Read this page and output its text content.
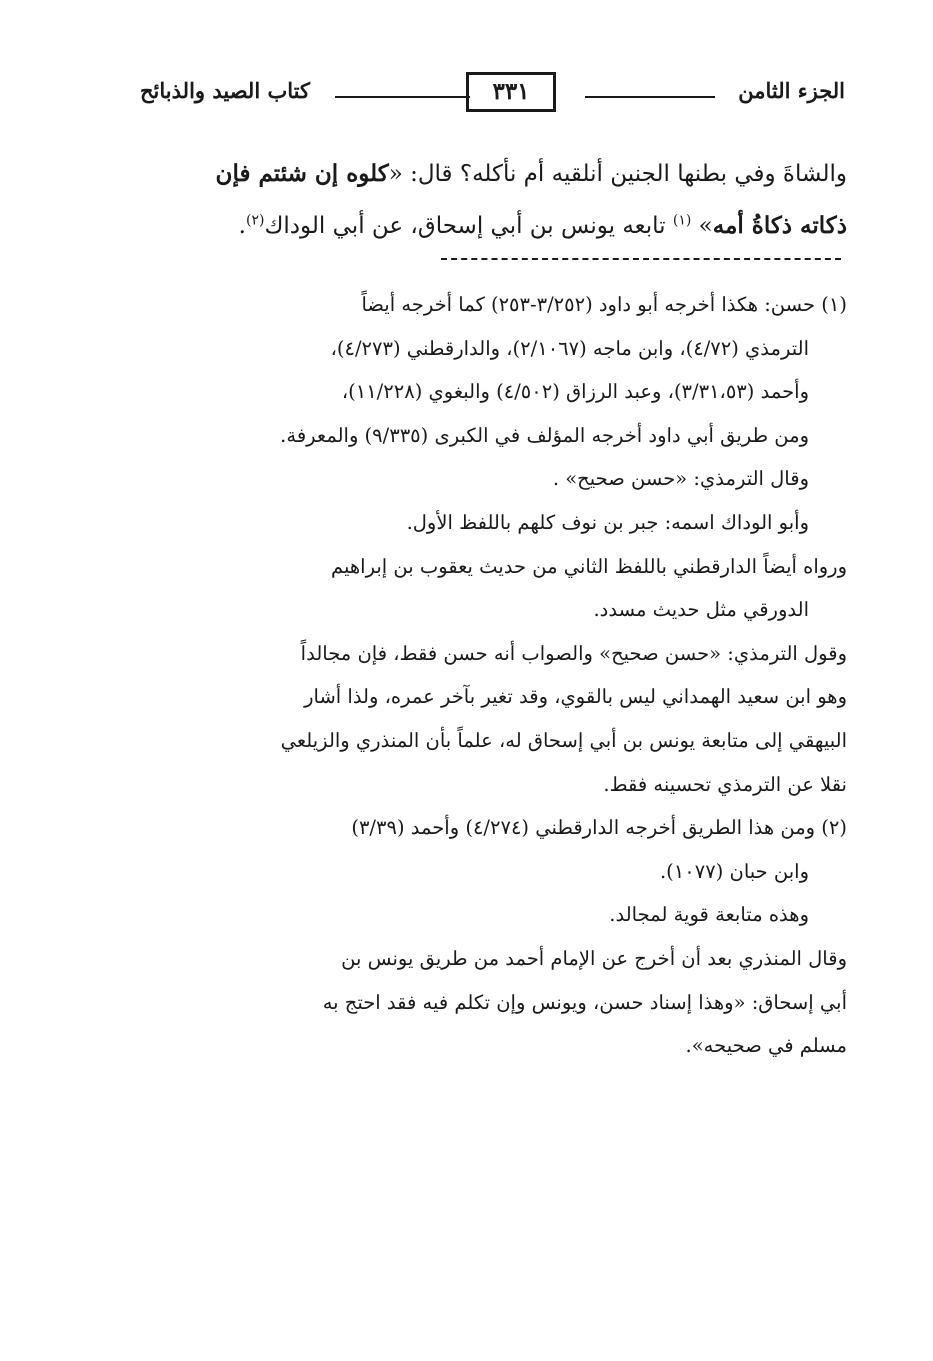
الجزء الثامن
٣٣١
كتاب الصيد والذبائح

والشاةَ وفي بطنها الجنين أنلقيه أم نأكله؟ قال: «كلوه إن شئتم فإن

ذكاته ذكاةُ أمه» $^{(١)}$ تابعه يونس بن أبي إسحاق، عن أبي الوداك$^{(٢)}$.

(١) حسن: هكذا أخرجه أبو داود (٣/٢٥٢-٢٥٣) كما أخرجه أيضاً
الترمذي (٤/٧٢)، وابن ماجه (٢/١٠٦٧)، والدارقطني (٤/٢٧٣)،
وأحمد (٣/٣١،٥٣)، وعبد الرزاق (٤/٥٠٢) والبغوي (١١/٢٢٨)،
ومن طريق أبي داود أخرجه المؤلف في الكبرى (٩/٣٣٥) والمعرفة.
وقال الترمذي: «حسن صحيح» .
وأبو الوداك اسمه: جبر بن نوف كلهم باللفظ الأول.
ورواه أيضاً الدارقطني باللفظ الثاني من حديث يعقوب بن إبراهيم
الدورقي مثل حديث مسدد.
وقول الترمذي: «حسن صحيح» والصواب أنه حسن فقط، فإن مجالداً
وهو ابن سعيد الهمداني ليس بالقوي، وقد تغير بآخر عمره، ولذا أشار
البيهقي إلى متابعة يونس بن أبي إسحاق له، علماً بأن المنذري والزيلعي
نقلا عن الترمذي تحسينه فقط.
(٢) ومن هذا الطريق أخرجه الدارقطني (٤/٢٧٤) وأحمد (٣/٣٩)
وابن حبان (١٠٧٧).
وهذه متابعة قوية لمجالد.
وقال المنذري بعد أن أخرج عن الإمام أحمد من طريق يونس بن
أبي إسحاق: «وهذا إسناد حسن، ويونس وإن تكلم فيه فقد احتج به
مسلم في صحيحه».
